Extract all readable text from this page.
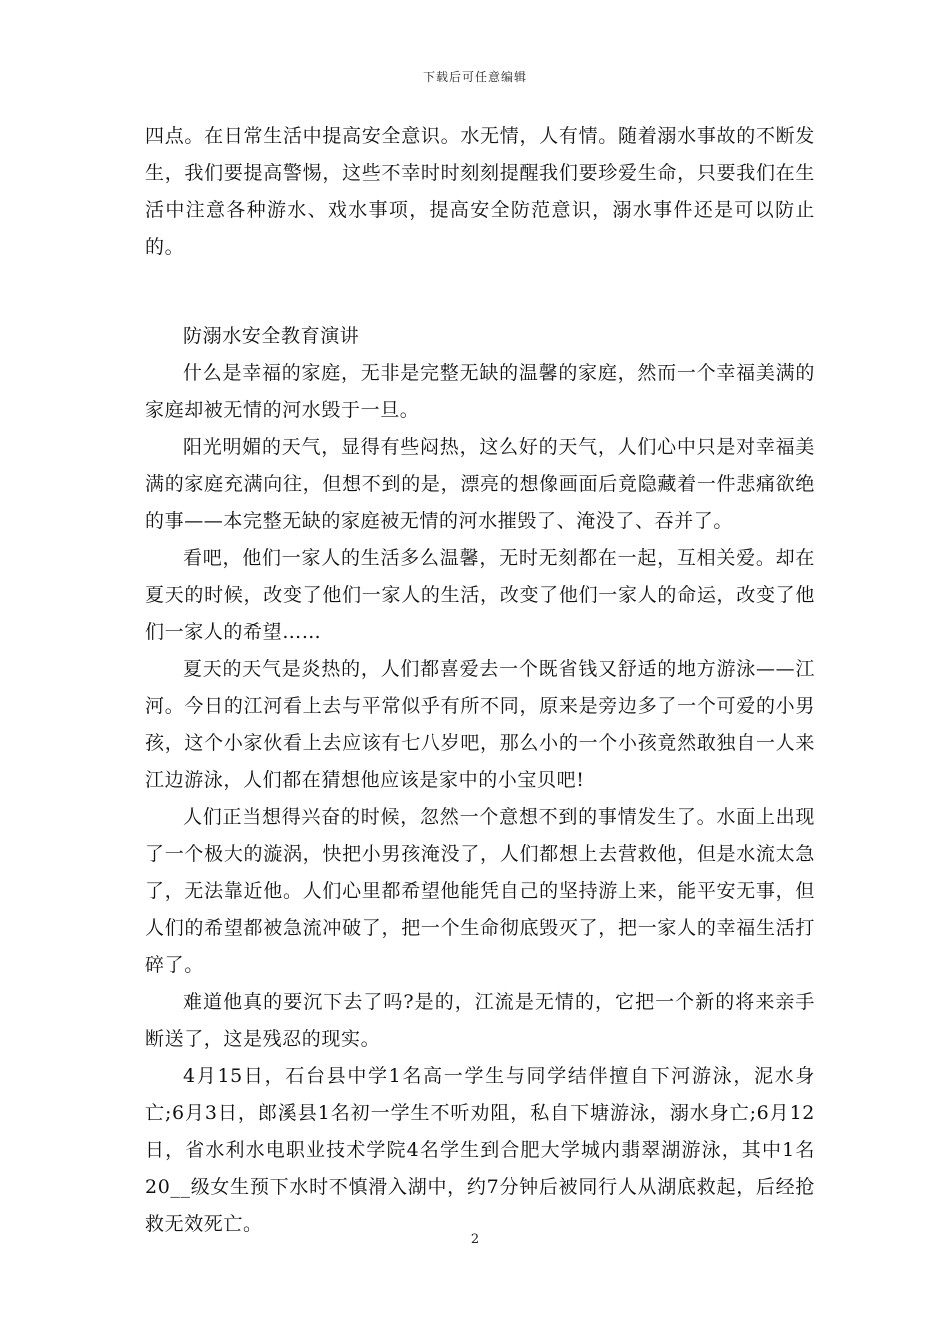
下载后可任意编辑

四点。在日常生活中提高安全意识。水无情，人有情。随着溺水事故的不断发生，我们要提高警惕，这些不幸时时刻刻提醒我们要珍爱生命，只要我们在生活中注意各种游水、戏水事项，提高安全防范意识，溺水事件还是可以防止的。

防溺水安全教育演讲

什么是幸福的家庭，无非是完整无缺的温馨的家庭，然而一个幸福美满的家庭却被无情的河水毁于一旦。

阳光明媚的天气，显得有些闷热，这么好的天气，人们心中只是对幸福美满的家庭充满向往，但想不到的是，漂亮的想像画面后竟隐藏着一件悲痛欲绝的事——本完整无缺的家庭被无情的河水摧毁了、淹没了、吞并了。

看吧，他们一家人的生活多么温馨，无时无刻都在一起，互相关爱。却在夏天的时候，改变了他们一家人的生活，改变了他们一家人的命运，改变了他们一家人的希望……

夏天的天气是炎热的，人们都喜爱去一个既省钱又舒适的地方游泳——江河。今日的江河看上去与平常似乎有所不同，原来是旁边多了一个可爱的小男孩，这个小家伙看上去应该有七八岁吧，那么小的一个小孩竟然敢独自一人来江边游泳，人们都在猜想他应该是家中的小宝贝吧!

人们正当想得兴奋的时候，忽然一个意想不到的事情发生了。水面上出现了一个极大的漩涡，快把小男孩淹没了，人们都想上去营救他，但是水流太急了，无法靠近他。人们心里都希望他能凭自己的坚持游上来，能平安无事，但人们的希望都被急流冲破了，把一个生命彻底毁灭了，把一家人的幸福生活打碎了。

难道他真的要沉下去了吗?是的，江流是无情的，它把一个新的将来亲手断送了，这是残忍的现实。

4月15日，石台县中学1名高一学生与同学结伴擅自下河游泳，泥水身亡;6月3日，郎溪县1名初一学生不听劝阻，私自下塘游泳，溺水身亡;6月12日，省水利水电职业技术学院4名学生到合肥大学城内翡翠湖游泳，其中1名20__级女生预下水时不慎滑入湖中，约7分钟后被同行人从湖底救起，后经抢救无效死亡。

2
